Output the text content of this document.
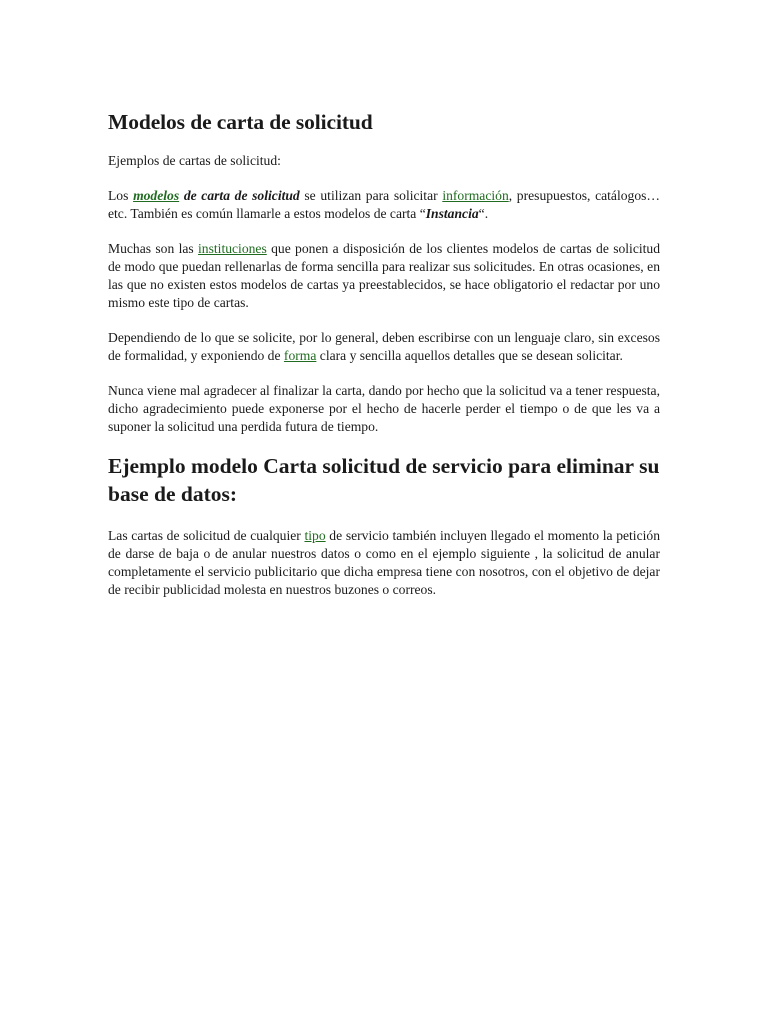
Modelos de carta de solicitud

Ejemplos de cartas de solicitud:

Los modelos de carta de solicitud se utilizan para solicitar información, presupuestos, catálogos… etc. También es común llamarle a estos modelos de carta “Instancia“.

Muchas son las instituciones que ponen a disposición de los clientes modelos de cartas de solicitud de modo que puedan rellenarlas de forma sencilla para realizar sus solicitudes. En otras ocasiones, en las que no existen estos modelos de cartas ya preestablecidos, se hace obligatorio el redactar por uno mismo este tipo de cartas.

Dependiendo de lo que se solicite, por lo general, deben escribirse con un lenguaje claro, sin excesos de formalidad, y exponiendo de forma clara y sencilla aquellos detalles que se desean solicitar.

Nunca viene mal agradecer al finalizar la carta, dando por hecho que la solicitud va a tener respuesta, dicho agradecimiento puede exponerse por el hecho de hacerle perder el tiempo o de que les va a suponer la solicitud una perdida futura de tiempo.

Ejemplo modelo Carta solicitud de servicio para eliminar su base de datos:

Las cartas de solicitud de cualquier tipo de servicio también incluyen llegado el momento la petición de darse de baja o de anular nuestros datos o como en el ejemplo siguiente , la solicitud de anular completamente el servicio publicitario que dicha empresa tiene con nosotros, con el objetivo de dejar de recibir publicidad molesta en nuestros buzones o correos.
